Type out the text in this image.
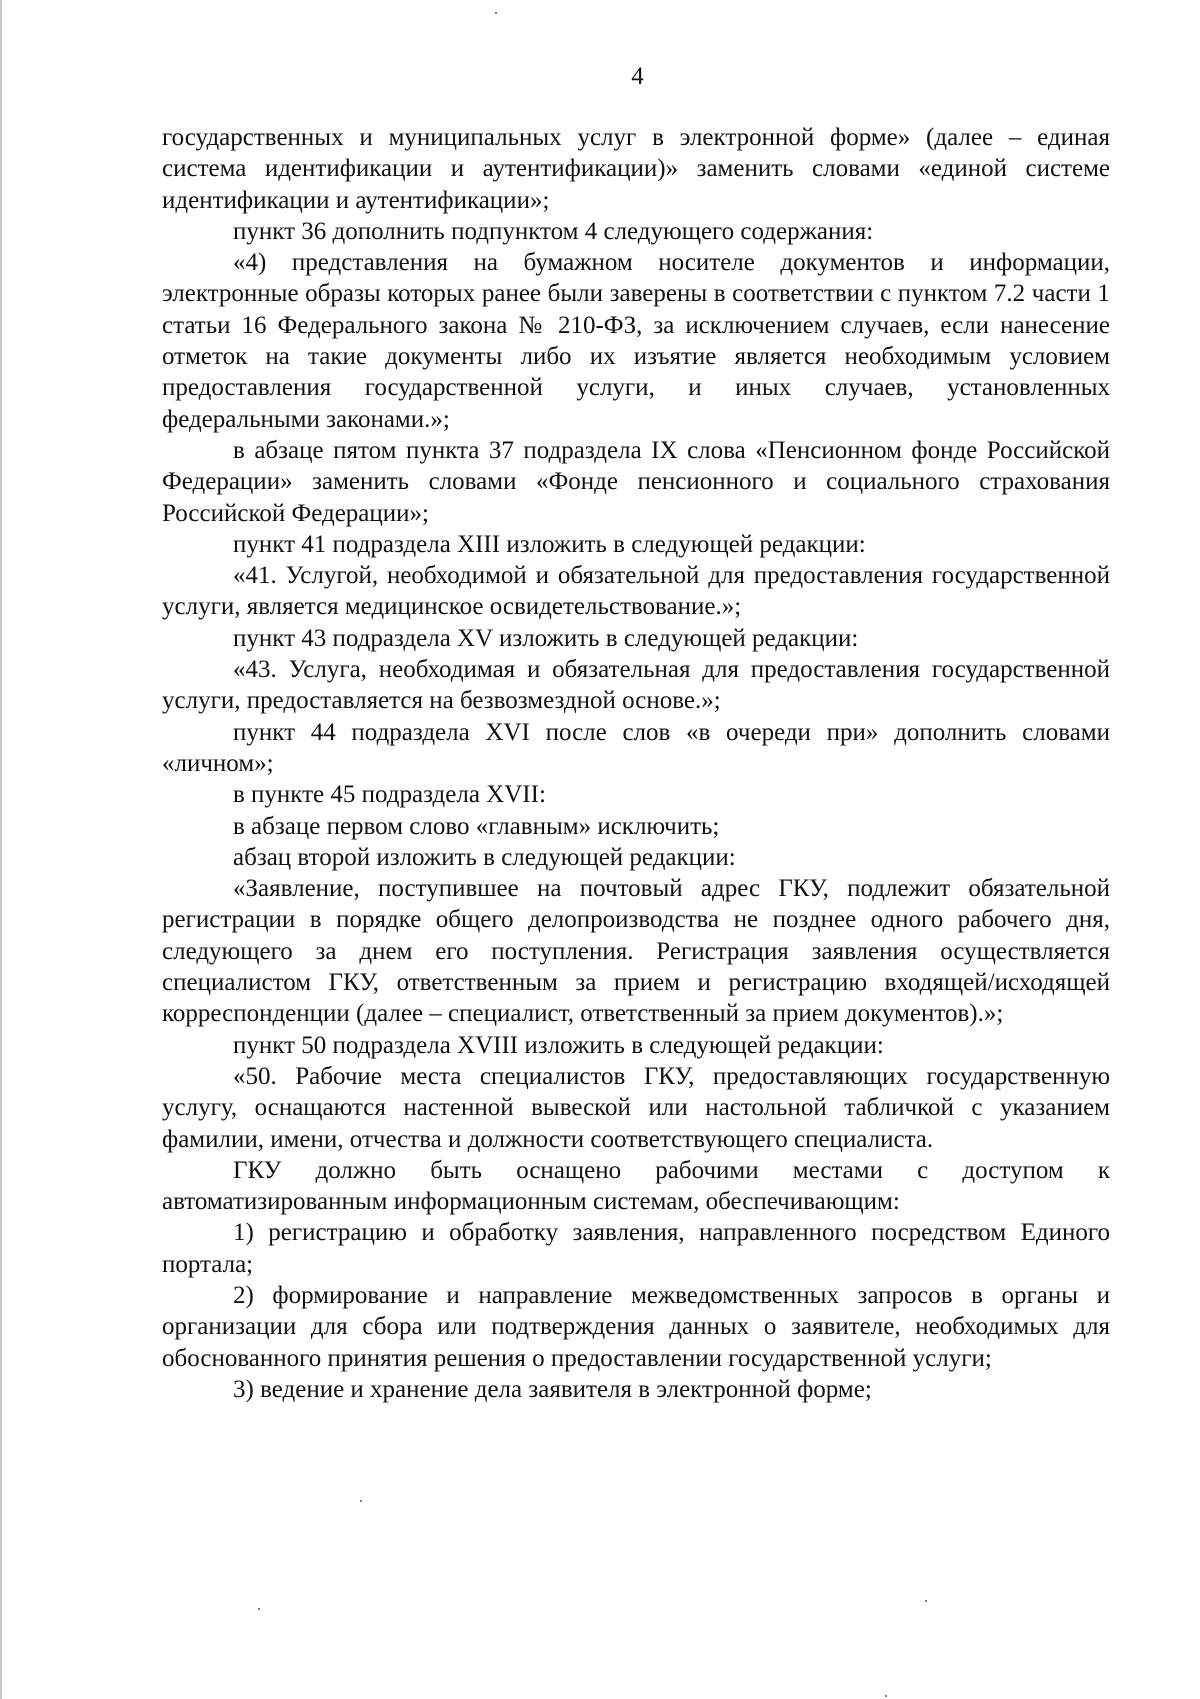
4

государственных и муниципальных услуг в электронной форме» (далее – единая система идентификации и аутентификации)» заменить словами «единой системе идентификации и аутентификации»;

пункт 36 дополнить подпунктом 4 следующего содержания:

«4) представления на бумажном носителе документов и информации, электронные образы которых ранее были заверены в соответствии с пунктом 7.2 части 1 статьи 16 Федерального закона № 210-ФЗ, за исключением случаев, если нанесение отметок на такие документы либо их изъятие является необходимым условием предоставления государственной услуги, и иных случаев, установленных федеральными законами.»;

в абзаце пятом пункта 37 подраздела IX слова «Пенсионном фонде Российской Федерации» заменить словами «Фонде пенсионного и социального страхования Российской Федерации»;

пункт 41 подраздела XIII изложить в следующей редакции:

«41. Услугой, необходимой и обязательной для предоставления государственной услуги, является медицинское освидетельствование.»;

пункт 43 подраздела XV изложить в следующей редакции:

«43. Услуга, необходимая и обязательная для предоставления государственной услуги, предоставляется на безвозмездной основе.»;

пункт 44 подраздела XVI после слов «в очереди при» дополнить словами «личном»;

в пункте 45 подраздела XVII:

в абзаце первом слово «главным» исключить;

абзац второй изложить в следующей редакции:

«Заявление, поступившее на почтовый адрес ГКУ, подлежит обязательной регистрации в порядке общего делопроизводства не позднее одного рабочего дня, следующего за днем его поступления. Регистрация заявления осуществляется специалистом ГКУ, ответственным за прием и регистрацию входящей/исходящей корреспонденции (далее – специалист, ответственный за прием документов).»;

пункт 50 подраздела XVIII изложить в следующей редакции:

«50. Рабочие места специалистов ГКУ, предоставляющих государственную услугу, оснащаются настенной вывеской или настольной табличкой с указанием фамилии, имени, отчества и должности соответствующего специалиста.

ГКУ должно быть оснащено рабочими местами с доступом к автоматизированным информационным системам, обеспечивающим:

1) регистрацию и обработку заявления, направленного посредством Единого портала;

2) формирование и направление межведомственных запросов в органы и организации для сбора или подтверждения данных о заявителе, необходимых для обоснованного принятия решения о предоставлении государственной услуги;

3) ведение и хранение дела заявителя в электронной форме;
